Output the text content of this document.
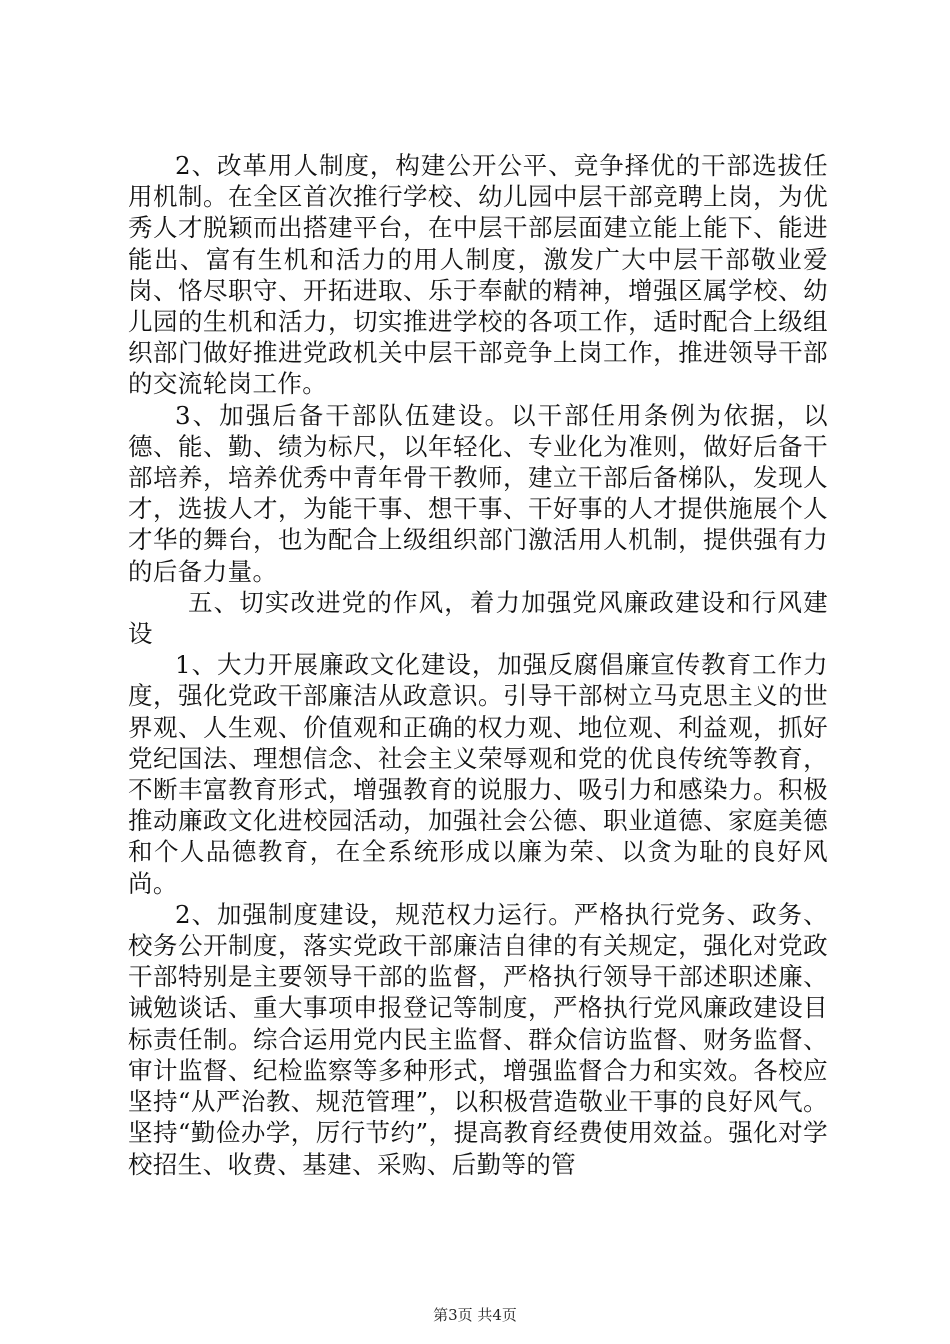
2、改革用人制度，构建公开公平、竞争择优的干部选拔任用机制。在全区首次推行学校、幼儿园中层干部竞聘上岗，为优秀人才脱颖而出搭建平台，在中层干部层面建立能上能下、能进能出、富有生机和活力的用人制度，激发广大中层干部敬业爱岗、恪尽职守、开拓进取、乐于奉献的精神，增强区属学校、幼儿园的生机和活力，切实推进学校的各项工作，适时配合上级组织部门做好推进党政机关中层干部竞争上岗工作，推进领导干部的交流轮岗工作。

3、加强后备干部队伍建设。以干部任用条例为依据，以德、能、勤、绩为标尺，以年轻化、专业化为准则，做好后备干部培养，培养优秀中青年骨干教师，建立干部后备梯队，发现人才，选拔人才，为能干事、想干事、干好事的人才提供施展个人才华的舞台，也为配合上级组织部门激活用人机制，提供强有力的后备力量。

五、切实改进党的作风，着力加强党风廉政建设和行风建设

1、大力开展廉政文化建设，加强反腐倡廉宣传教育工作力度，强化党政干部廉洁从政意识。引导干部树立马克思主义的世界观、人生观、价值观和正确的权力观、地位观、利益观，抓好党纪国法、理想信念、社会主义荣辱观和党的优良传统等教育，不断丰富教育形式，增强教育的说服力、吸引力和感染力。积极推动廉政文化进校园活动，加强社会公德、职业道德、家庭美德和个人品德教育，在全系统形成以廉为荣、以贪为耻的良好风尚。

2、加强制度建设，规范权力运行。严格执行党务、政务、校务公开制度，落实党政干部廉洁自律的有关规定，强化对党政干部特别是主要领导干部的监督，严格执行领导干部述职述廉、诫勉谈话、重大事项申报登记等制度，严格执行党风廉政建设目标责任制。综合运用党内民主监督、群众信访监督、财务监督、审计监督、纪检监察等多种形式，增强监督合力和实效。各校应坚持“从严治教、规范管理”，以积极营造敬业干事的良好风气。坚持“勤俭办学，厉行节约”，提高教育经费使用效益。强化对学校招生、收费、基建、采购、后勤等的管

第3页 共4页
